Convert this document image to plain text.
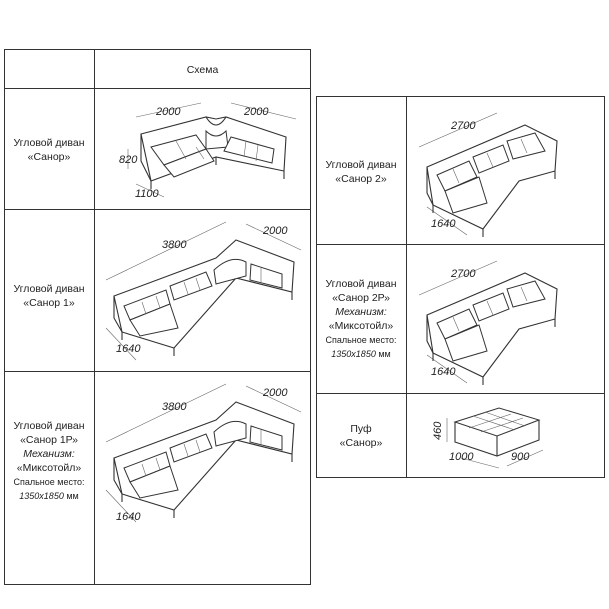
Схема
Угловой диван
«Санор»
Угловой диван
«Санор 1»
Угловой диван
«Санор 1Р»
Механизм:
«Миксотойл»
Спальное место:
1350х1850 мм
2000	2000
820
1100
3800
2000
1640
3800
2000
1640
Угловой диван
«Санор 2»
Угловой диван
«Санор 2Р»
Механизм:
«Миксотойл»
Спальное место:
1350х1850 мм
Пуф
«Санор»
2700
1640
2700
1640
460
1000	900
